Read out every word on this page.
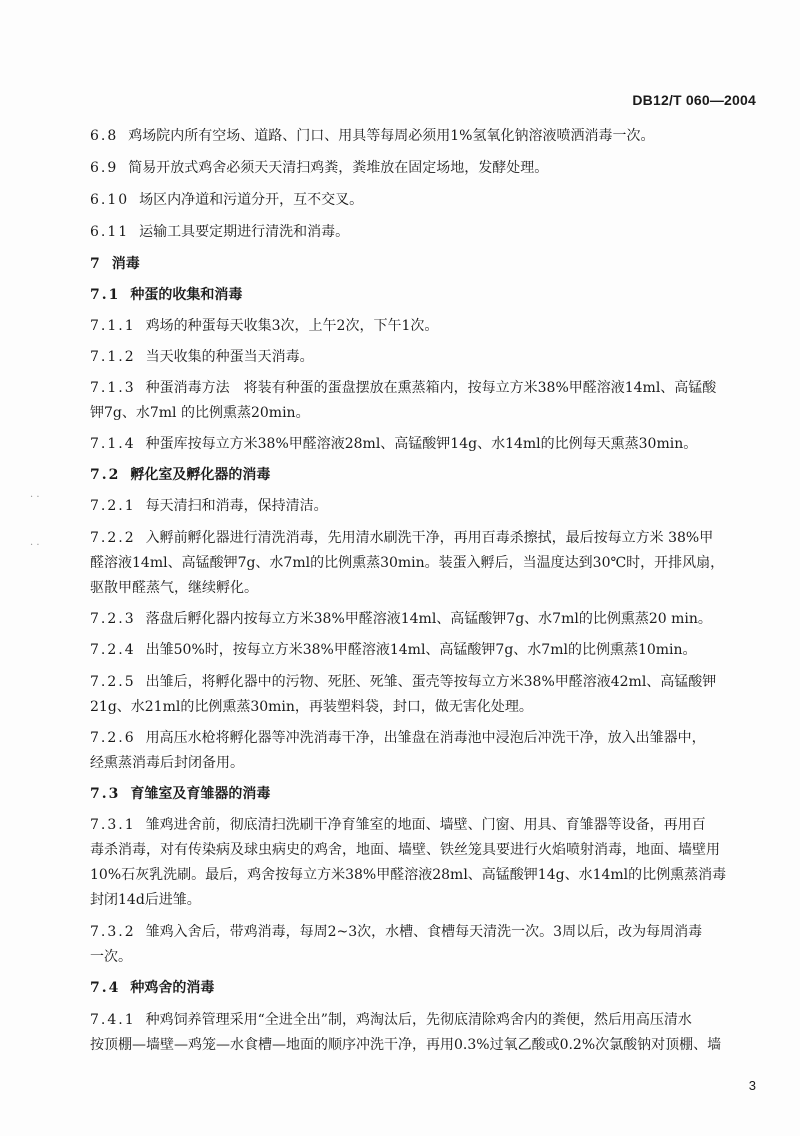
DB12/T 060—2004
· ·
· ·
6.8 鸡场院内所有空场、道路、门口、用具等每周必须用1%氢氧化钠溶液喷洒消毒一次。
6.9 简易开放式鸡舍必须天天清扫鸡粪，粪堆放在固定场地，发酵处理。
6.10 场区内净道和污道分开，互不交叉。
6.11 运输工具要定期进行清洗和消毒。
7 消毒
7.1 种蛋的收集和消毒
7.1.1 鸡场的种蛋每天收集3次，上午2次，下午1次。
7.1.2 当天收集的种蛋当天消毒。
7.1.3 种蛋消毒方法　将装有种蛋的蛋盘摆放在熏蒸箱内，按每立方米38%甲醛溶液14ml、高锰酸
钾7g、水7ml 的比例熏蒸20min。
7.1.4 种蛋库按每立方米38%甲醛溶液28ml、高锰酸钾14g、水14ml的比例每天熏蒸30min。
7.2 孵化室及孵化器的消毒
7.2.1 每天清扫和消毒，保持清洁。
7.2.2 入孵前孵化器进行清洗消毒，先用清水刷洗干净，再用百毒杀擦拭，最后按每立方米 38%甲
醛溶液14ml、高锰酸钾7g、水7ml的比例熏蒸30min。装蛋入孵后，当温度达到30℃时，开排风扇，
驱散甲醛蒸气，继续孵化。
7.2.3 落盘后孵化器内按每立方米38%甲醛溶液14ml、高锰酸钾7g、水7ml的比例熏蒸20 min。
7.2.4 出雏50%时，按每立方米38%甲醛溶液14ml、高锰酸钾7g、水7ml的比例熏蒸10min。
7.2.5 出雏后，将孵化器中的污物、死胚、死雏、蛋壳等按每立方米38%甲醛溶液42ml、高锰酸钾
21g、水21ml的比例熏蒸30min，再装塑料袋，封口，做无害化处理。
7.2.6 用高压水枪将孵化器等冲洗消毒干净，出雏盘在消毒池中浸泡后冲洗干净，放入出雏器中，
经熏蒸消毒后封闭备用。
7.3 育雏室及育雏器的消毒
7.3.1 雏鸡进舍前，彻底清扫洗刷干净育雏室的地面、墙壁、门窗、用具、育雏器等设备，再用百
毒杀消毒，对有传染病及球虫病史的鸡舍，地面、墙壁、铁丝笼具要进行火焰喷射消毒，地面、墙壁用
10%石灰乳洗刷。最后，鸡舍按每立方米38%甲醛溶液28ml、高锰酸钾14g、水14ml的比例熏蒸消毒
封闭14d后进雏。
7.3.2 雏鸡入舍后，带鸡消毒，每周2~3次，水槽、食槽每天清洗一次。3周以后，改为每周消毒
一次。
7.4 种鸡舍的消毒
7.4.1 种鸡饲养管理采用“全进全出”制，鸡淘汰后，先彻底清除鸡舍内的粪便，然后用高压清水
按顶棚—墙壁—鸡笼—水食槽—地面的顺序冲洗干净，再用0.3%过氧乙酸或0.2%次氯酸钠对顶棚、墙
3
